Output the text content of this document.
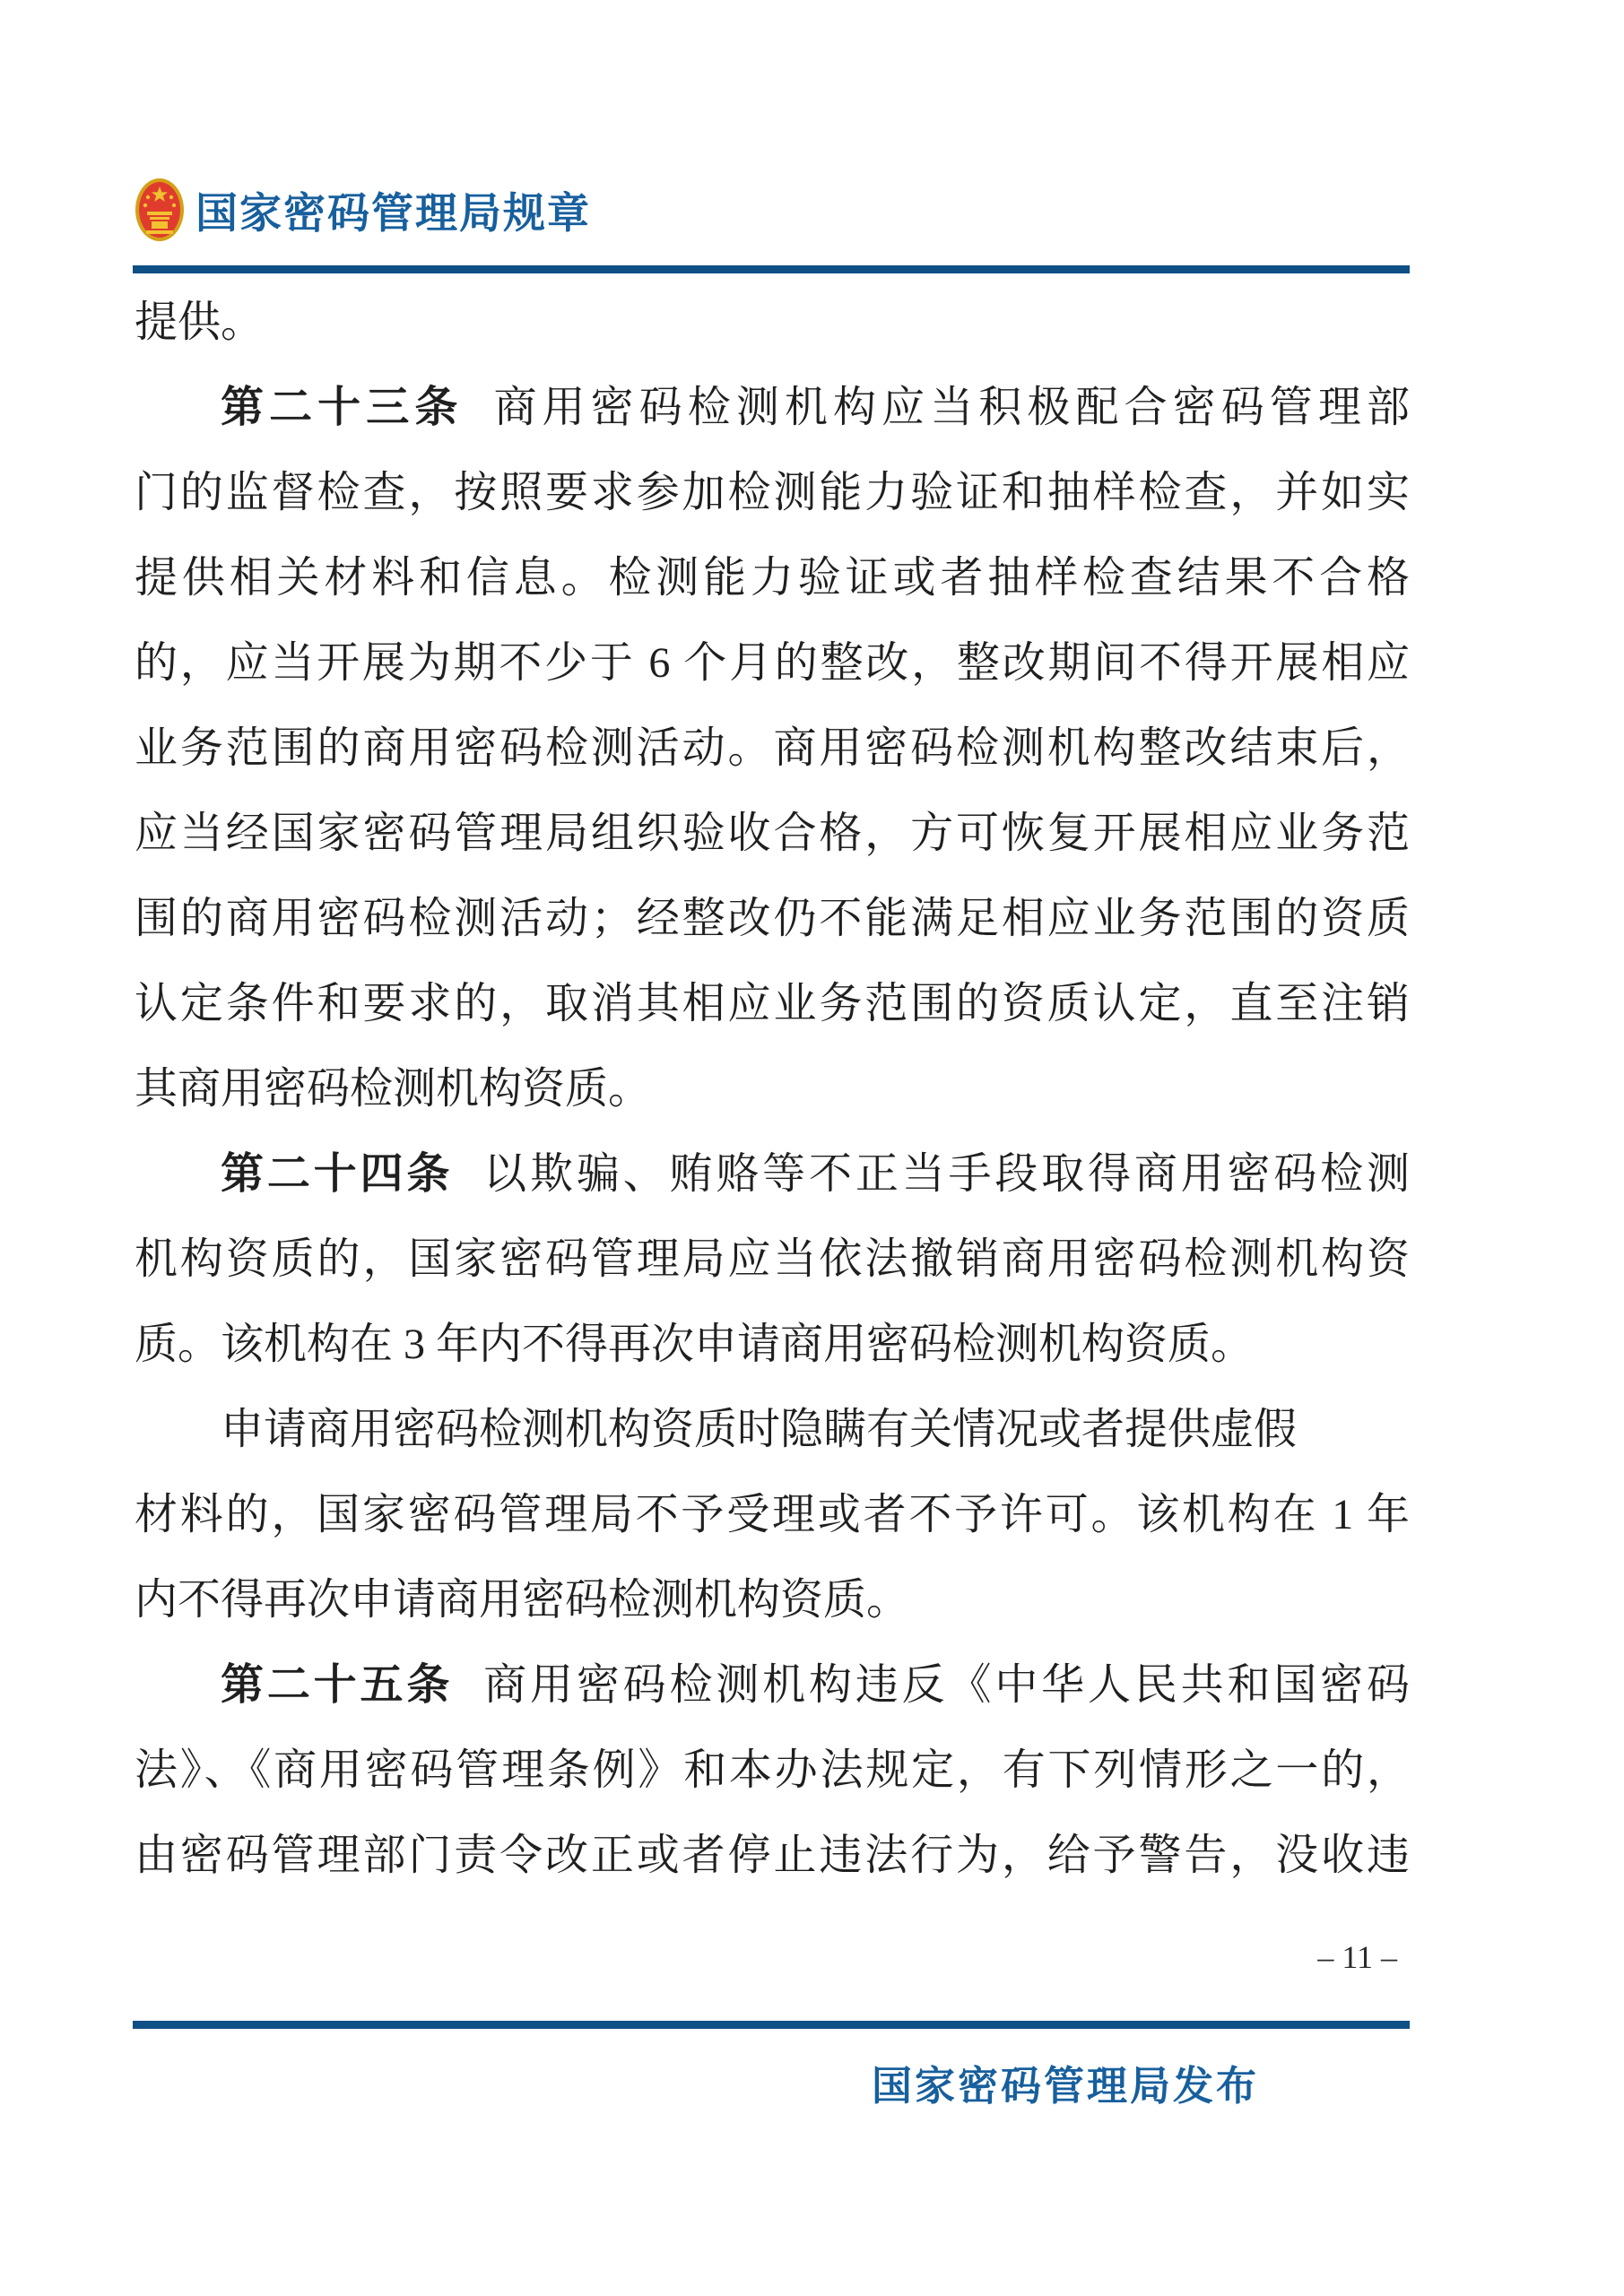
国家密码管理局规章
提供。
第二十三条 商用密码检测机构应当积极配合密码管理部
门的监督检查，按照要求参加检测能力验证和抽样检查，并如实
提供相关材料和信息。检测能力验证或者抽样检查结果不合格
的，应当开展为期不少于 6 个月的整改，整改期间不得开展相应
业务范围的商用密码检测活动。商用密码检测机构整改结束后，
应当经国家密码管理局组织验收合格，方可恢复开展相应业务范
围的商用密码检测活动；经整改仍不能满足相应业务范围的资质
认定条件和要求的，取消其相应业务范围的资质认定，直至注销
其商用密码检测机构资质。
第二十四条 以欺骗、贿赂等不正当手段取得商用密码检测
机构资质的，国家密码管理局应当依法撤销商用密码检测机构资
质。该机构在 3 年内不得再次申请商用密码检测机构资质。
申请商用密码检测机构资质时隐瞒有关情况或者提供虚假
材料的，国家密码管理局不予受理或者不予许可。该机构在 1 年
内不得再次申请商用密码检测机构资质。
第二十五条 商用密码检测机构违反《中华人民共和国密码
法》、《商用密码管理条例》和本办法规定，有下列情形之一的，
由密码管理部门责令改正或者停止违法行为，给予警告，没收违
– 11 –
国家密码管理局发布
